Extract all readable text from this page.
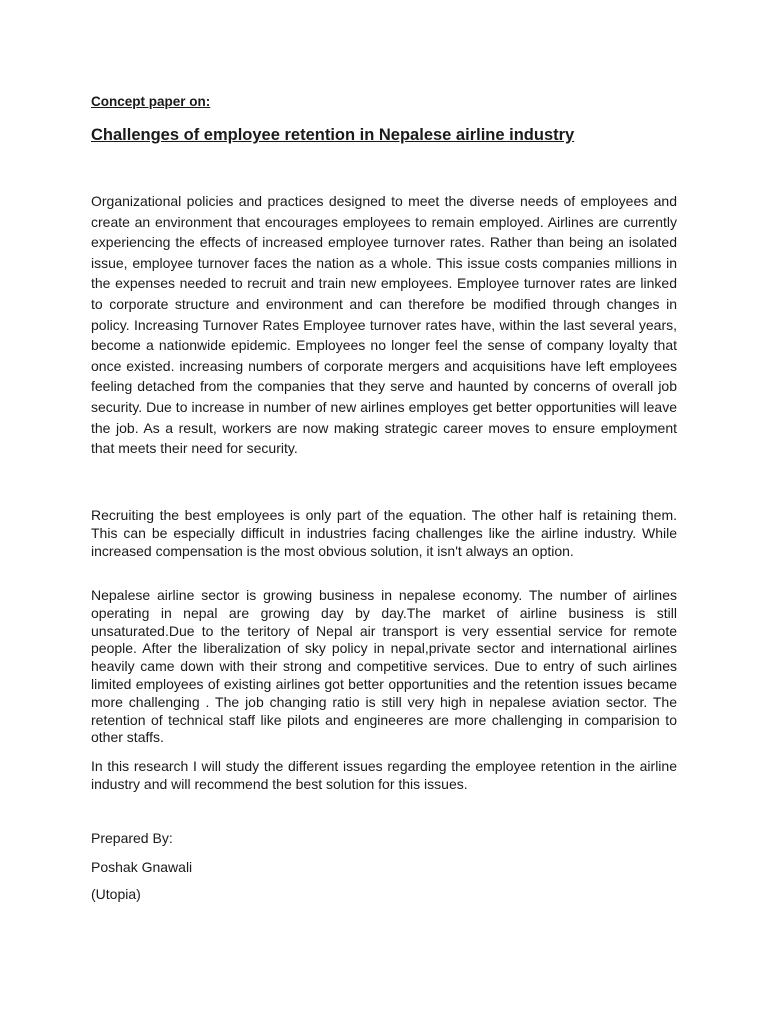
Concept paper on:

Challenges of employee retention in Nepalese airline industry

Organizational policies and practices designed to meet the diverse needs of employees and create an environment that encourages employees to remain employed. Airlines are currently experiencing the effects of increased employee turnover rates. Rather than being an isolated issue, employee turnover faces the nation as a whole. This issue costs companies millions in the expenses needed to recruit and train new employees. Employee turnover rates are linked to corporate structure and environment and can therefore be modified through changes in policy. Increasing Turnover Rates Employee turnover rates have, within the last several years, become a nationwide epidemic. Employees no longer feel the sense of company loyalty that once existed. increasing numbers of corporate mergers and acquisitions have left employees feeling detached from the companies that they serve and haunted by concerns of overall job security. Due to increase in number of new airlines employes get better opportunities will leave the job. As a result, workers are now making strategic career moves to ensure employment that meets their need for security.

Recruiting the best employees is only part of the equation. The other half is retaining them. This can be especially difficult in industries facing challenges like the airline industry. While increased compensation is the most obvious solution, it isn't always an option.

Nepalese airline sector is growing business in nepalese economy. The number of airlines operating in nepal are growing day by day.The market of airline business is still unsaturated.Due to the teritory of Nepal air transport is very essential service for remote people. After the liberalization of sky policy in nepal,private sector and international airlines heavily came down with their strong and competitive services. Due to entry of such airlines limited employees of existing airlines got better opportunities and the retention issues became more challenging . The job changing ratio is still very high in nepalese aviation sector. The retention of technical staff like pilots and engineeres are more challenging in comparision to other staffs.

In this research I will study the different issues regarding the employee retention in the airline industry and will recommend the best solution for this issues.

Prepared By:

Poshak Gnawali

(Utopia)
